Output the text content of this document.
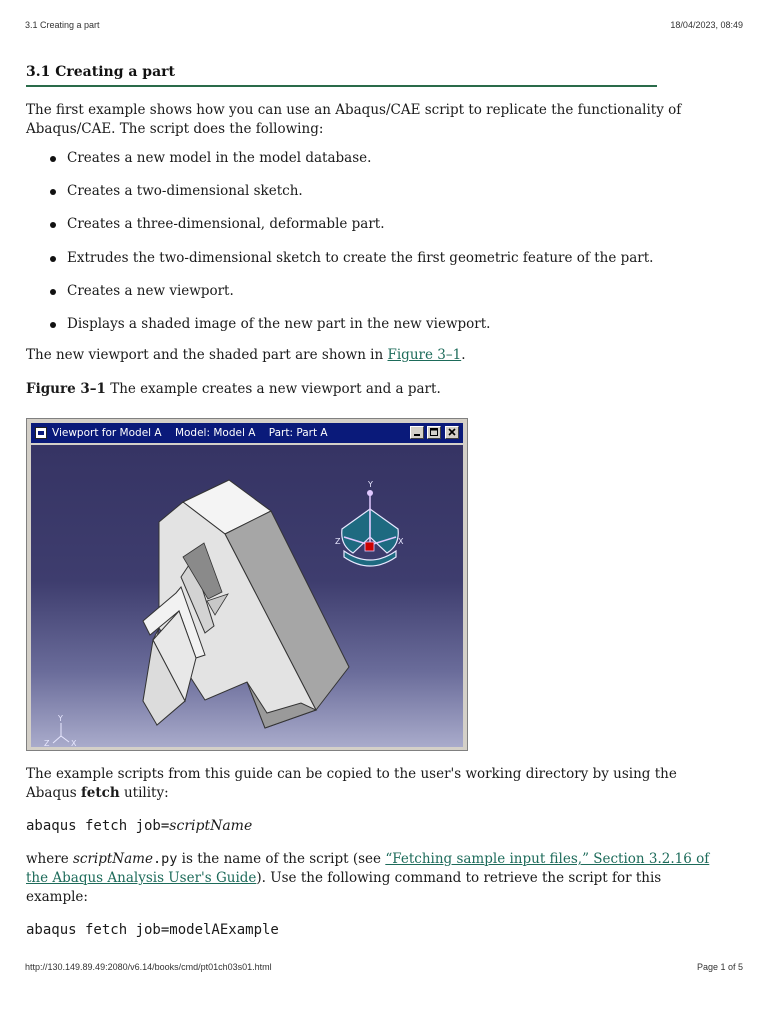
3.1 Creating a part	18/04/2023, 08:49
3.1 Creating a part

The first example shows how you can use an Abaqus/CAE script to replicate the functionality of Abaqus/CAE. The script does the following:

Creates a new model in the model database.
Creates a two-dimensional sketch.
Creates a three-dimensional, deformable part.
Extrudes the two-dimensional sketch to create the first geometric feature of the part.
Creates a new viewport.
Displays a shaded image of the new part in the new viewport.

The new viewport and the shaded part are shown in Figure 3–1.

Figure 3–1 The example creates a new viewport and a part.

Viewport for Model A    Model: Model A    Part: Part A
Y
Z	X
Y
Z	X

The example scripts from this guide can be copied to the user's working directory by using the Abaqus fetch utility:

abaqus fetch job=scriptName

where scriptName.py is the name of the script (see “Fetching sample input files,” Section 3.2.16 of the Abaqus Analysis User's Guide). Use the following command to retrieve the script for this example:

abaqus fetch job=modelAExample

http://130.149.89.49:2080/v6.14/books/cmd/pt01ch03s01.html	Page 1 of 5
